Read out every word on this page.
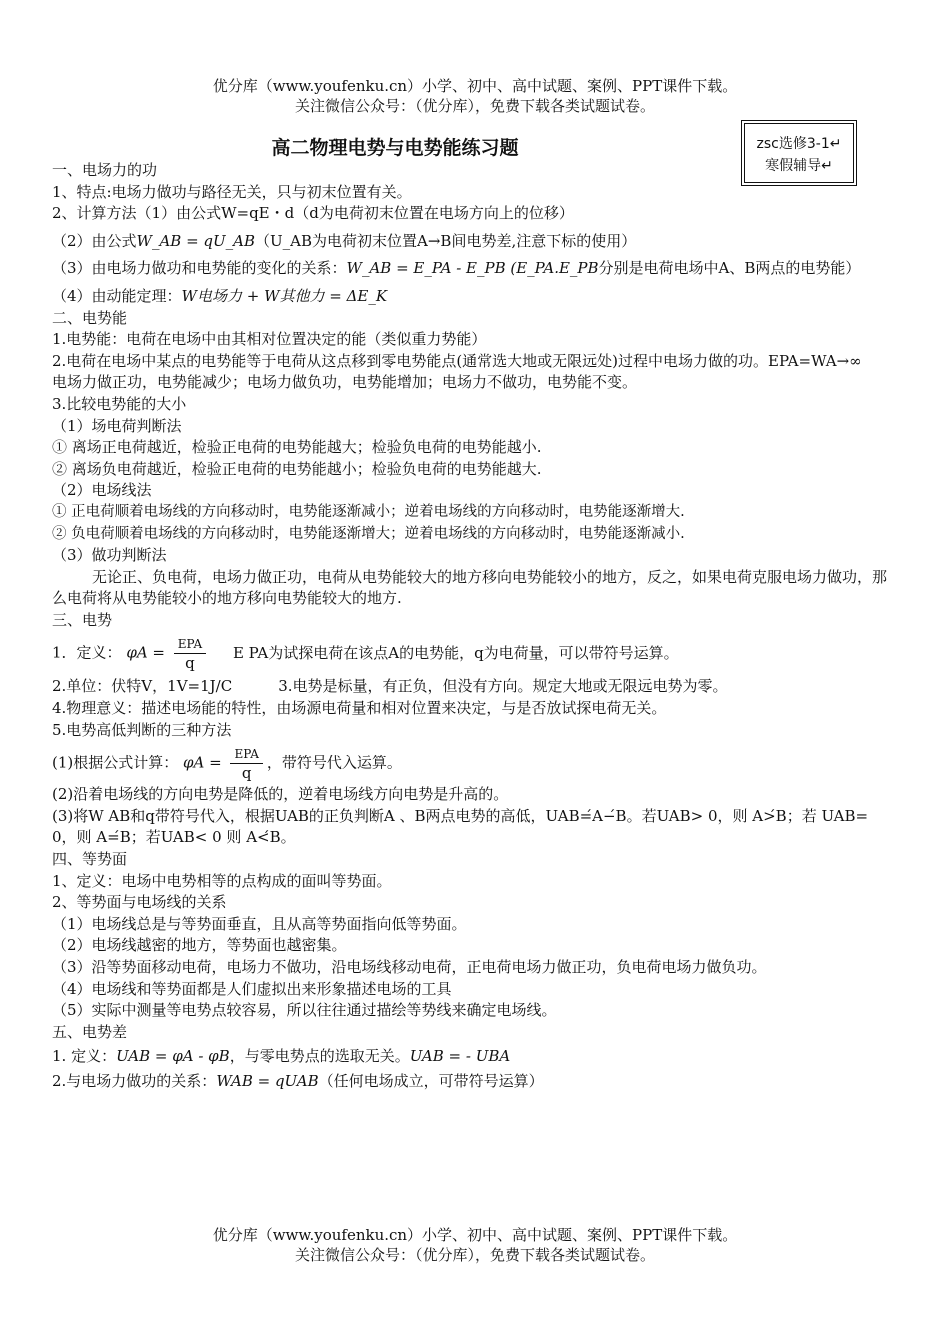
优分库（www.youfenku.cn）小学、初中、高中试题、案例、PPT课件下载。
关注微信公众号：（优分库），免费下载各类试题试卷。
高二物理电势与电势能练习题	zsc选修3-1↵
寒假辅导↵
一、电场力的功
1、特点:电场力做功与路径无关，只与初末位置有关。
2、计算方法（1）由公式W=qE・d（d为电荷初末位置在电场方向上的位移）
（2）由公式W_AB = qU_AB（U_AB为电荷初末位置A→B间电势差,注意下标的使用）
（3）由电场力做功和电势能的变化的关系：W_AB = E_PA - E_PB (E_PA.E_PB分别是电荷电场中A、B两点的电势能）
（4）由动能定理：W电场力 + W其他力 = ΔE_K
二、电势能
1.电势能：电荷在电场中由其相对位置决定的能（类似重力势能）
2.电荷在电场中某点的电势能等于电荷从这点移到零电势能点(通常选大地或无限远处)过程中电场力做的功。EPA=WA→∞
电场力做正功，电势能减少；电场力做负功，电势能增加；电场力不做功，电势能不变。
3.比较电势能的大小
（1）场电荷判断法
① 离场正电荷越近，检验正电荷的电势能越大；检验负电荷的电势能越小.
② 离场负电荷越近，检验正电荷的电势能越小；检验负电荷的电势能越大.
（2）电场线法
① 正电荷顺着电场线的方向移动时，电势能逐渐减小；逆着电场线的方向移动时，电势能逐渐增大.
② 负电荷顺着电场线的方向移动时，电势能逐渐增大；逆着电场线的方向移动时，电势能逐渐减小.
（3）做功判断法
无论正、负电荷，电场力做正功，电荷从电势能较大的地方移向电势能较小的地方，反之，如果电荷克服电场力做功，那么电荷将从电势能较小的地方移向电势能较大的地方.
三、电势
1．定义： $\varphi A = \frac{\text{EPA}}{q}$ E PA为试探电荷在该点A的电势能，q为电荷量，可以带符号运算。
2.单位：伏特V，1V=1J/C	3.电势是标量，有正负，但没有方向。规定大地或无限远电势为零。
4.物理意义：描述电场能的特性，由场源电荷量和相对位置来决定，与是否放试探电荷无关。
5.电势高低判断的三种方法
(1)根据公式计算： $\varphi A = \frac{\text{EPA}}{q}$ ，带符号代入运算。
(2)沿着电场线的方向电势是降低的，逆着电场线方向电势是升高的。
(3)将W AB和q带符号代入，根据UAB的正负判断A 、B两点电势的高低，UAB=́A−́B。若UAB> 0，则 A>́B；若 UAB= 0，则 A=́B；若UAB< 0 则 A<́B。
四、等势面
1、定义：电场中电势相等的点构成的面叫等势面。
2、等势面与电场线的关系
（1）电场线总是与等势面垂直，且从高等势面指向低等势面。
（2）电场线越密的地方，等势面也越密集。
（3）沿等势面移动电荷，电场力不做功，沿电场线移动电荷，正电荷电场力做正功，负电荷电场力做负功。
（4）电场线和等势面都是人们虚拟出来形象描述电场的工具
（5）实际中测量等电势点较容易，所以往往通过描绘等势线来确定电场线。
五、电势差
1. 定义：UAB = φA - φB，与零电势点的选取无关。UAB = - UBA
2.与电场力做功的关系：WAB = qUAB（任何电场成立，可带符号运算）
优分库（www.youfenku.cn）小学、初中、高中试题、案例、PPT课件下载。
关注微信公众号：（优分库），免费下载各类试题试卷。
